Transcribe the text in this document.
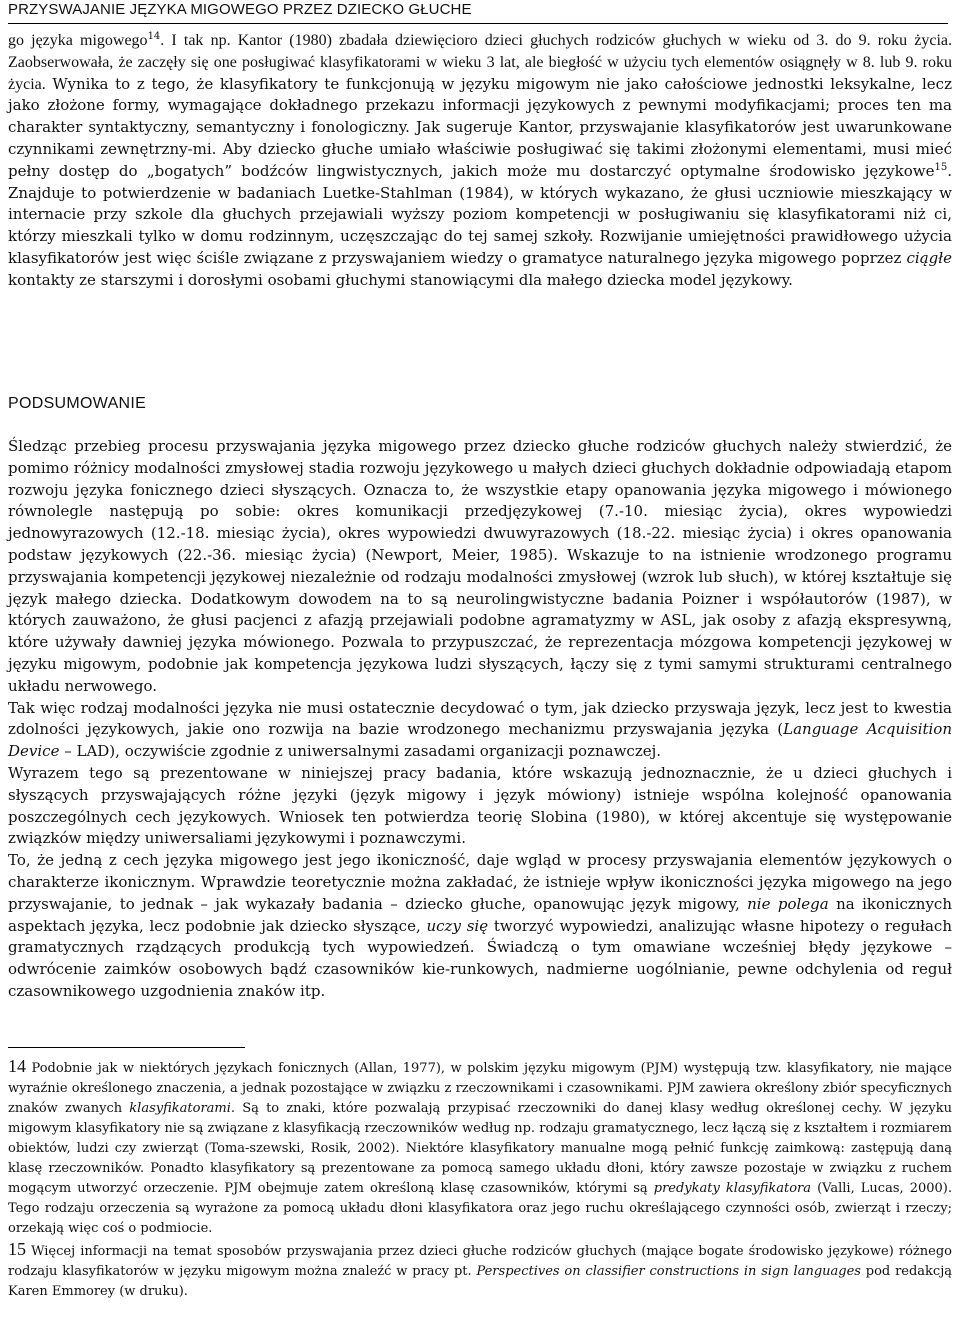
PRZYSWAJANIE JĘZYKA MIGOWEGO PRZEZ DZIECKO GŁUCHE

go języka migowego$^{14}$. I tak np. Kantor (1980) zbadała dziewięcioro dzieci głuchych rodziców głuchych w wieku od 3. do 9. roku życia. Zaobserwowała, że zaczęły się one posługiwać klasyfikatorami w wieku 3 lat, ale biegłość w użyciu tych elementów osiągnęły w 8. lub 9. roku życia. Wynika to z tego, że klasyfikatory te funkcjonują w języku migowym nie jako całościowe jednostki leksykalne, lecz jako złożone formy, wymagające dokładnego przekazu informacji językowych z pewnymi modyfikacjami; proces ten ma charakter syntaktyczny, semantyczny i fonologiczny. Jak sugeruje Kantor, przyswajanie klasyfikatorów jest uwarunkowane czynnikami zewnętrzny-mi. Aby dziecko głuche umiało właściwie posługiwać się takimi złożonymi elementami, musi mieć pełny dostęp do „bogatych” bodźców lingwistycznych, jakich może mu dostarczyć optymalne środowisko językowe$^{15}$. Znajduje to potwierdzenie w badaniach Luetke-Stahlman (1984), w których wykazano, że głusi uczniowie mieszkający w internacie przy szkole dla głuchych przejawiali wyższy poziom kompetencji w posługiwaniu się klasyfikatorami niż ci, którzy mieszkali tylko w domu rodzinnym, uczęszczając do tej samej szkoły. Rozwijanie umiejętności prawidłowego użycia klasyfikatorów jest więc ściśle związane z przyswajaniem wiedzy o gramatyce naturalnego języka migowego poprzez ciągłe kontakty ze starszymi i dorosłymi osobami głuchymi stanowiącymi dla małego dziecka model językowy.

PODSUMOWANIE

Śledząc przebieg procesu przyswajania języka migowego przez dziecko głuche rodziców głuchych należy stwierdzić, że pomimo różnicy modalności zmysłowej stadia rozwoju językowego u małych dzieci głuchych dokładnie odpowiadają etapom rozwoju języka fonicznego dzieci słyszących. Oznacza to, że wszystkie etapy opanowania języka migowego i mówionego równolegle następują po sobie: okres komunikacji przedjęzykowej (7.-10. miesiąc życia), okres wypowiedzi jednowyrazowych (12.-18. miesiąc życia), okres wypowiedzi dwuwyrazowych (18.-22. miesiąc życia) i okres opanowania podstaw językowych (22.-36. miesiąc życia) (Newport, Meier, 1985). Wskazuje to na istnienie wrodzonego programu przyswajania kompetencji językowej niezależnie od rodzaju modalności zmysłowej (wzrok lub słuch), w której kształtuje się język małego dziecka. Dodatkowym dowodem na to są neurolingwistyczne badania Poizner i współautorów (1987), w których zauważono, że głusi pacjenci z afazją przejawiali podobne agramatyzmy w ASL, jak osoby z afazją ekspresywną, które używały dawniej języka mówionego. Pozwala to przypuszczać, że reprezentacja mózgowa kompetencji językowej w języku migowym, podobnie jak kompetencja językowa ludzi słyszących, łączy się z tymi samymi strukturami centralnego układu nerwowego.

Tak więc rodzaj modalności języka nie musi ostatecznie decydować o tym, jak dziecko przyswaja język, lecz jest to kwestia zdolności językowych, jakie ono rozwija na bazie wrodzonego mechanizmu przyswajania języka (Language Acquisition Device – LAD), oczywiście zgodnie z uniwersalnymi zasadami organizacji poznawczej.

Wyrazem tego są prezentowane w niniejszej pracy badania, które wskazują jednoznacznie, że u dzieci głuchych i słyszących przyswajających różne języki (język migowy i język mówiony) istnieje wspólna kolejność opanowania poszczególnych cech językowych. Wniosek ten potwierdza teorię Slobina (1980), w której akcentuje się występowanie związków między uniwersaliami językowymi i poznawczymi.

To, że jedną z cech języka migowego jest jego ikoniczność, daje wgląd w procesy przyswajania elementów językowych o charakterze ikonicznym. Wprawdzie teoretycznie można zakładać, że istnieje wpływ ikoniczności języka migowego na jego przyswajanie, to jednak – jak wykazały badania – dziecko głuche, opanowując język migowy, nie polega na ikonicznych aspektach języka, lecz podobnie jak dziecko słyszące, uczy się tworzyć wypowiedzi, analizując własne hipotezy o regułach gramatycznych rządzących produkcją tych wypowiedzeń. Świadczą o tym omawiane wcześniej błędy językowe – odwrócenie zaimków osobowych bądź czasowników kie-runkowych, nadmierne uogólnianie, pewne odchylenia od reguł czasownikowego uzgodnienia znaków itp.

14 Podobnie jak w niektórych językach fonicznych (Allan, 1977), w polskim języku migowym (PJM) występują tzw. klasyfikatory, nie mające wyraźnie określonego znaczenia, a jednak pozostające w związku z rzeczownikami i czasownikami. PJM zawiera określony zbiór specyficznych znaków zwanych klasyfikatorami. Są to znaki, które pozwalają przypisać rzeczowniki do danej klasy według określonej cechy. W języku migowym klasyfikatory nie są związane z klasyfikacją rzeczowników według np. rodzaju gramatycznego, lecz łączą się z kształtem i rozmiarem obiektów, ludzi czy zwierząt (Toma-szewski, Rosik, 2002). Niektóre klasyfikatory manualne mogą pełnić funkcję zaimkową: zastępują daną klasę rzeczowników. Ponadto klasyfikatory są prezentowane za pomocą samego układu dłoni, który zawsze pozostaje w związku z ruchem mogącym utworzyć orzeczenie. PJM obejmuje zatem określoną klasę czasowników, którymi są predykaty klasyfikatora (Valli, Lucas, 2000). Tego rodzaju orzeczenia są wyrażone za pomocą układu dłoni klasyfikatora oraz jego ruchu określającego czynności osób, zwierząt i rzeczy; orzekają więc coś o podmiocie.

15 Więcej informacji na temat sposobów przyswajania przez dzieci głuche rodziców głuchych (mające bogate środowisko językowe) różnego rodzaju klasyfikatorów w języku migowym można znaleźć w pracy pt. Perspectives on classifier constructions in sign languages pod redakcją Karen Emmorey (w druku).
